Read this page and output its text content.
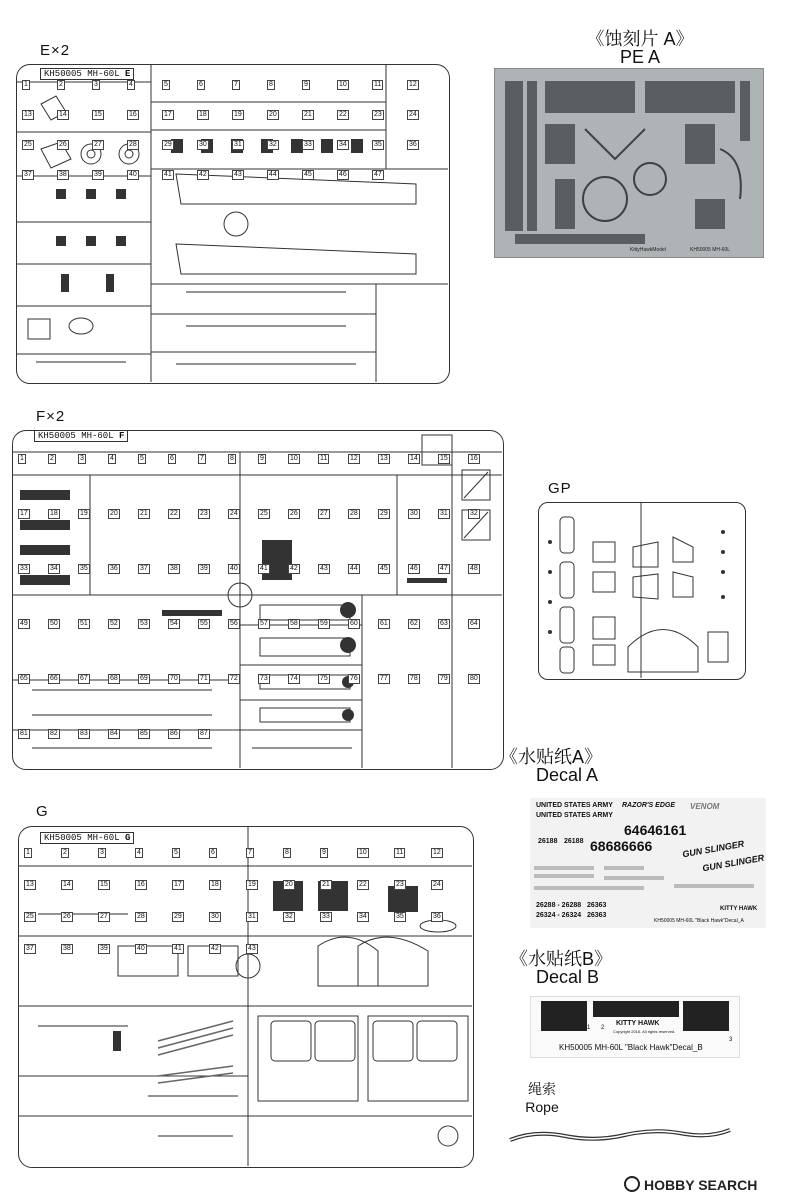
E×2
KH50005 MH-60L E
《蚀刻片 A》
PE A
KittyHawkModel	KH50005 MH-60L
F×2
KH50005 MH-60L F
GP
G
KH50005 MH-60L G
《水贴纸A》
Decal A
UNITED STATES ARMY
UNITED STATES ARMY
RAZOR'S EDGE VENOM
64646161
68686666
26188 26188	GUN SLINGER
GUN SLINGER
26288 - 26288   26363
26324 - 26324   26363
KITTY HAWK
KH50005 MH-60L "Black Hawk"Decal_A
《水贴纸B》
Decal B
1 2
3
KITTY HAWK
Copyright 2016. All rights reserved.
KH50005 MH-60L "Black Hawk"Decal_B
绳索
Rope
HOBBY SEARCH
1	2	3	4	5	6	7	8	9	10	11	12
13	14	15	16	17	18	19	20	21	22	23	24
25	26	27	28	29	30	31	32	33	34	35	36
37	38	39	40	41	42	43	44	45	46	47
1	2	3	4	5	6	7	8	9	10	11	12	13	14	15	16
17	18	19	20	21	22	23	24	25	26	27	28	29	30	31	32
33	34	35	36	37	38	39	40	41	42	43	44	45	46	47	48
49	50	51	52	53	54	55	56	57	58	59	60	61	62	63	64
65	66	67	68	69	70	71	72	73	74	75	76	77	78	79	80
81	82	83	84	85	86	87
1	2	3	4	5	6	7	8	9	10	11	12
13	14	15	16	17	18	19	20	21	22	23	24
25	26	27	28	29	30	31	32	33	34	35	36
37	38	39	40	41	42	43
